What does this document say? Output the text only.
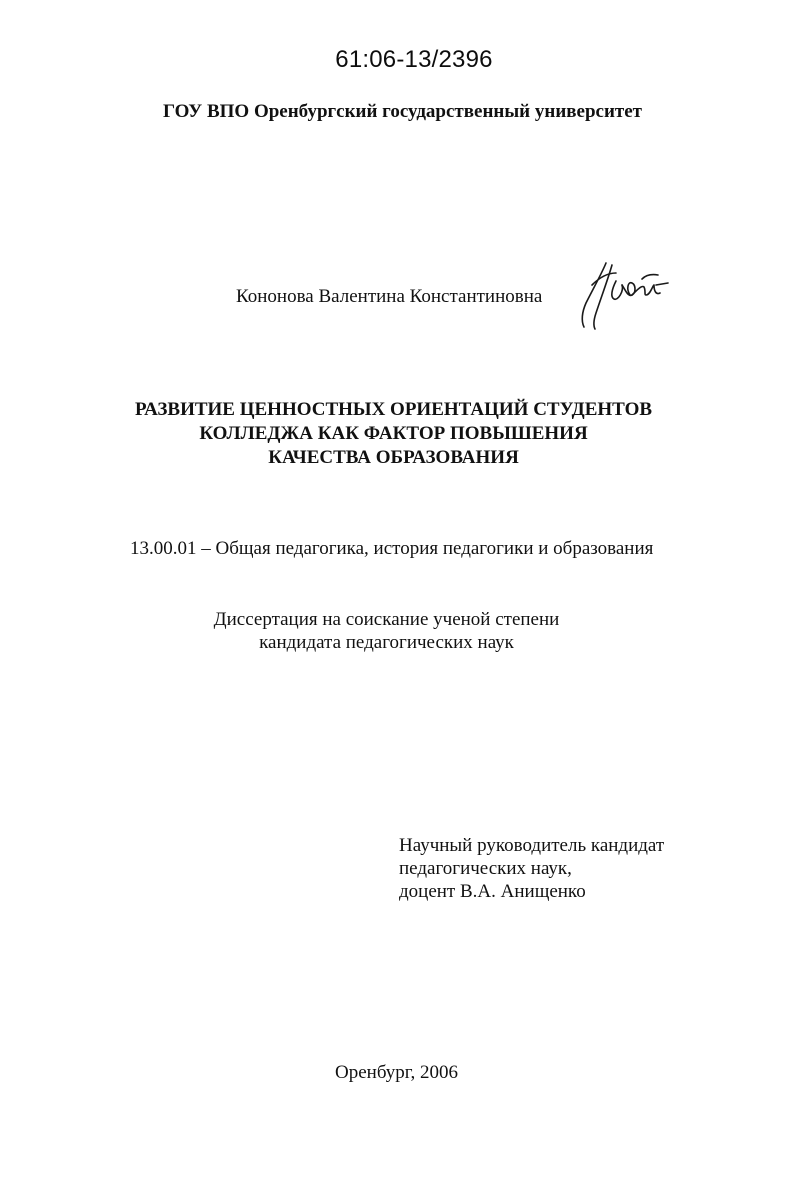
61:06-13/2396
ГОУ ВПО Оренбургский государственный университет
Кононова Валентина Константиновна
РАЗВИТИЕ ЦЕННОСТНЫХ ОРИЕНТАЦИЙ СТУДЕНТОВ
КОЛЛЕДЖА КАК ФАКТОР ПОВЫШЕНИЯ
КАЧЕСТВА ОБРАЗОВАНИЯ
13.00.01 – Общая педагогика, история педагогики и образования
Диссертация на соискание ученой степени
кандидата педагогических наук
Научный руководитель кандидат
педагогических наук,
доцент В.А. Анищенко
Оренбург, 2006
